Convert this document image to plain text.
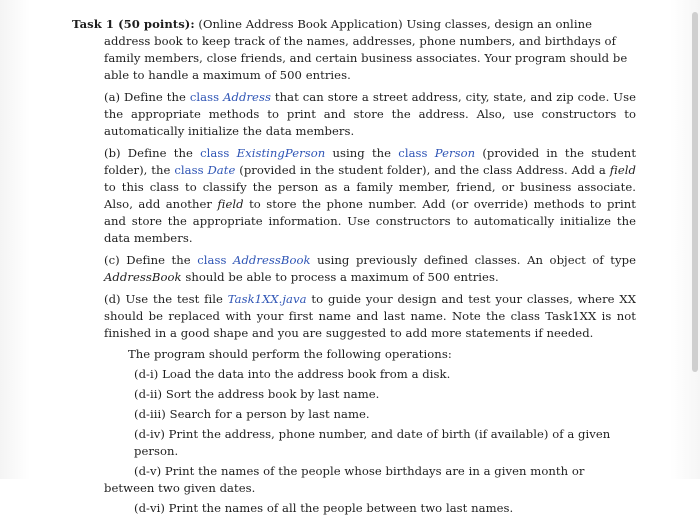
Task 1 (50 points): (Online Address Book Application) Using classes, design an online address book to keep track of the names, addresses, phone numbers, and birthdays of family members, close friends, and certain business associates. Your program should be able to handle a maximum of 500 entries.

(a) Define the class Address that can store a street address, city, state, and zip code. Use the appropriate methods to print and store the address. Also, use constructors to automatically initialize the data members.

(b) Define the class ExistingPerson using the class Person (provided in the student folder), the class Date (provided in the student folder), and the class Address. Add a field to this class to classify the person as a family member, friend, or business associate. Also, add another field to store the phone number. Add (or override) methods to print and store the appropriate information. Use constructors to automatically initialize the data members.

(c) Define the class AddressBook using previously defined classes. An object of type AddressBook should be able to process a maximum of 500 entries.

(d) Use the test file Task1XX.java to guide your design and test your classes, where XX should be replaced with your first name and last name. Note the class Task1XX is not finished in a good shape and you are suggested to add more statements if needed.

The program should perform the following operations:

(d-i) Load the data into the address book from a disk.

(d-ii) Sort the address book by last name.

(d-iii) Search for a person by last name.

(d-iv) Print the address, phone number, and date of birth (if available) of a given person.

(d-v) Print the names of the people whose birthdays are in a given month or between two given dates.

(d-vi) Print the names of all the people between two last names.
